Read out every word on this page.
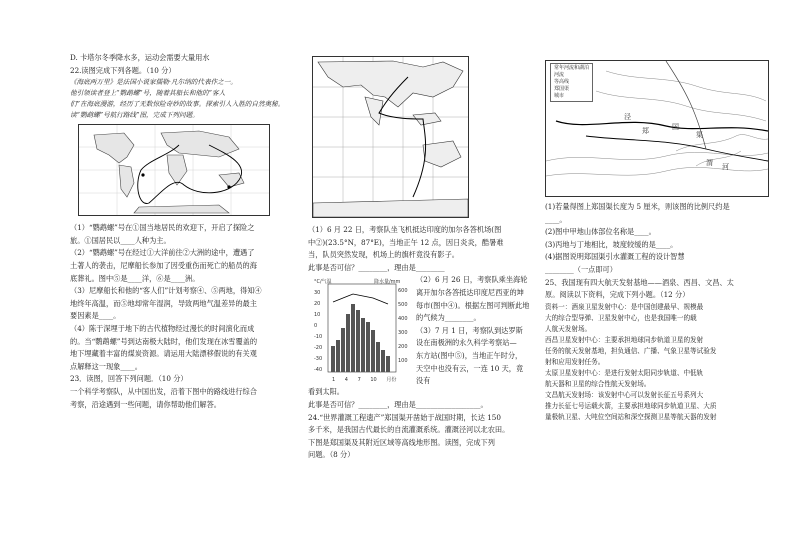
D. 卡塔尔冬季降水多，运动会需要大量用水

22.读图完成下列各题。（10 分）

《海底两万里》是法国小说家儒勒·凡尔纳的代表作之一。

他引领读者登上“鹦鹉螺”号，随着其船长和他的“客人

们”在海底漫游，经历了无数惊险奇妙的故事。探索引人入胜的自然奥秘。

读“鹦鹉螺”号航行路线”图，完成下列问题。

（1）“鹦鹉螺”号在①国当地居民的欢迎下，开启了探险之

旅。①国居民以____人种为主。

（2）“鹦鹉螺”号在经过①大洋前往②大洲的途中，遭遇了

土著人的袭击，尼摩船长参加了因受重伤而死亡的船员的海

底葬礼。图中⑤是____洋，⑥是____洲。

（3）尼摩船长和他的“客人们”计划考察④、⑤两地，得知④

地终年高温，而⑤地却常年湿润，导致两地气温差异的最主

要因素是____。

（4）陈于深埋于地下的古代植物经过漫长的时间演化而成

的。当“鹦鹉螺”号到达南极大陆时，他们发现在冰雪覆盖的

地下埋藏着丰富的煤炭资源。请运用大陆漂移假说的有关观

点解释这一现象____。

23．读图，回答下列问题．（10 分）

一个科学考察队，从中国出发，沿着下图中的路线进行综合

考察，沿途遇到一些问题，请你帮助他们解答。

（1）6 月 22 日，考察队坐飞机抵达印度的加尔各答机场(图

中②)(23.5°N，87°E)，当地正午 12 点，因日炎炎，酷暑难

当，队员突然发现，机场上的旗杆竟没有影子。

此事是否可信？________，理由是________

°C/气温	降水量/mm
30
20
10
0
-10
-20
-30
-40
600
500
400
300
200
100
1 4 7 10 月份

（2）6 月 26 日，考察队乘坐海轮

离开加尔各答抵达印度尼西亚的坤

每市(图中④)。根据左图可判断此地

的气候为________。

（3）7 月 1 日，考察队到达罗斯

设在南极洲的永久科学考察站—

东方站(图中⑤)，当地正午时分，

天空中也没有云，一连 10 天，竟没有

看到太阳。

此事是否可信？________，理由是__________________。

24.“世界灌溉工程遗产”郑国渠开凿始于战国时期，长达 150

多千米，是我国古代最长的自流灌溉系统。灌溉泾河以北农田。

下图是郑国渠及其附近区域等高线地形图。读图，完成下列

问题。（8 分）

常年河流和湖泊
河流
等高线
郑国渠
城市
泾
郑	国
渠
渭 河

(1)若量得图上郑国渠长度为 5 厘米，则该图的比例尺约是

____。

(2)图中甲地山体部位名称是____。

(3)丙地与丁地相比，坡度较缓的是____。

(4)据图说明郑国渠引水灌溉工程的设计智慧

________（一点即可）

25、我国现有四大航天发射基地——酒泉、西昌、文昌、太

原。阅读以下资料，完成下列小题。（12 分）

资料一：酒泉卫星发射中心：是中国创建最早、规模最

大的综合型导弹、卫星发射中心，也是我国唯一的载

人航天发射场。

西昌卫星发射中心：主要承担地球同步轨道卫星的发射

任务的航天发射基地，担负通信、广播、气象卫星等试验发

射和应用发射任务。

太原卫星发射中心：是进行发射太阳同步轨道、中低轨

航天器和卫星的综合性航天发射场。

文昌航天发射场：该发射中心可以发射长征五号系列大

推力长征七号运载火箭，主要承担地球同步轨道卫星、大质

量极轨卫星、大吨位空间站和深空探测卫星等航天器的发射
